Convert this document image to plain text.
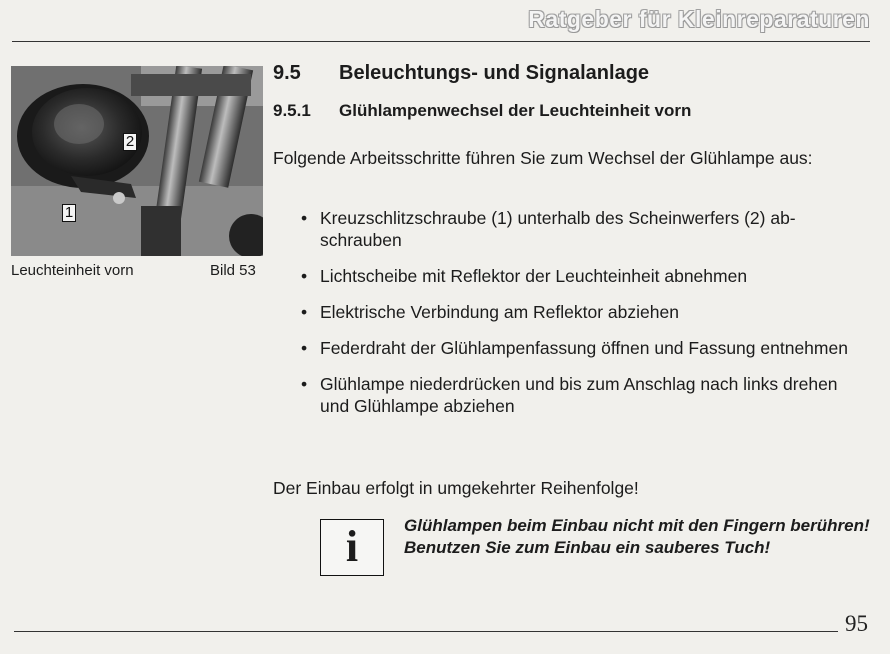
Ratgeber für Kleinreparaturen
2
1
Leuchteinheit vorn	Bild 53
9.5 Beleuchtungs- und Signalanlage
9.5.1 Glühlampenwechsel der Leuchteinheit vorn
Folgende Arbeitsschritte führen Sie zum Wechsel der Glühlampe aus:
• Kreuzschlitzschraube (1) unterhalb des Scheinwerfers (2) ab-schrauben
• Lichtscheibe mit Reflektor der Leuchteinheit abnehmen
• Elektrische Verbindung am Reflektor abziehen
• Federdraht der Glühlampenfassung öffnen und Fassung entnehmen
• Glühlampe niederdrücken und bis zum Anschlag nach links drehen und Glühlampe abziehen
Der Einbau erfolgt in umgekehrter Reihenfolge!
i	Glühlampen beim Einbau nicht mit den Fingern berühren! Benutzen Sie zum Einbau ein sauberes Tuch!
95
